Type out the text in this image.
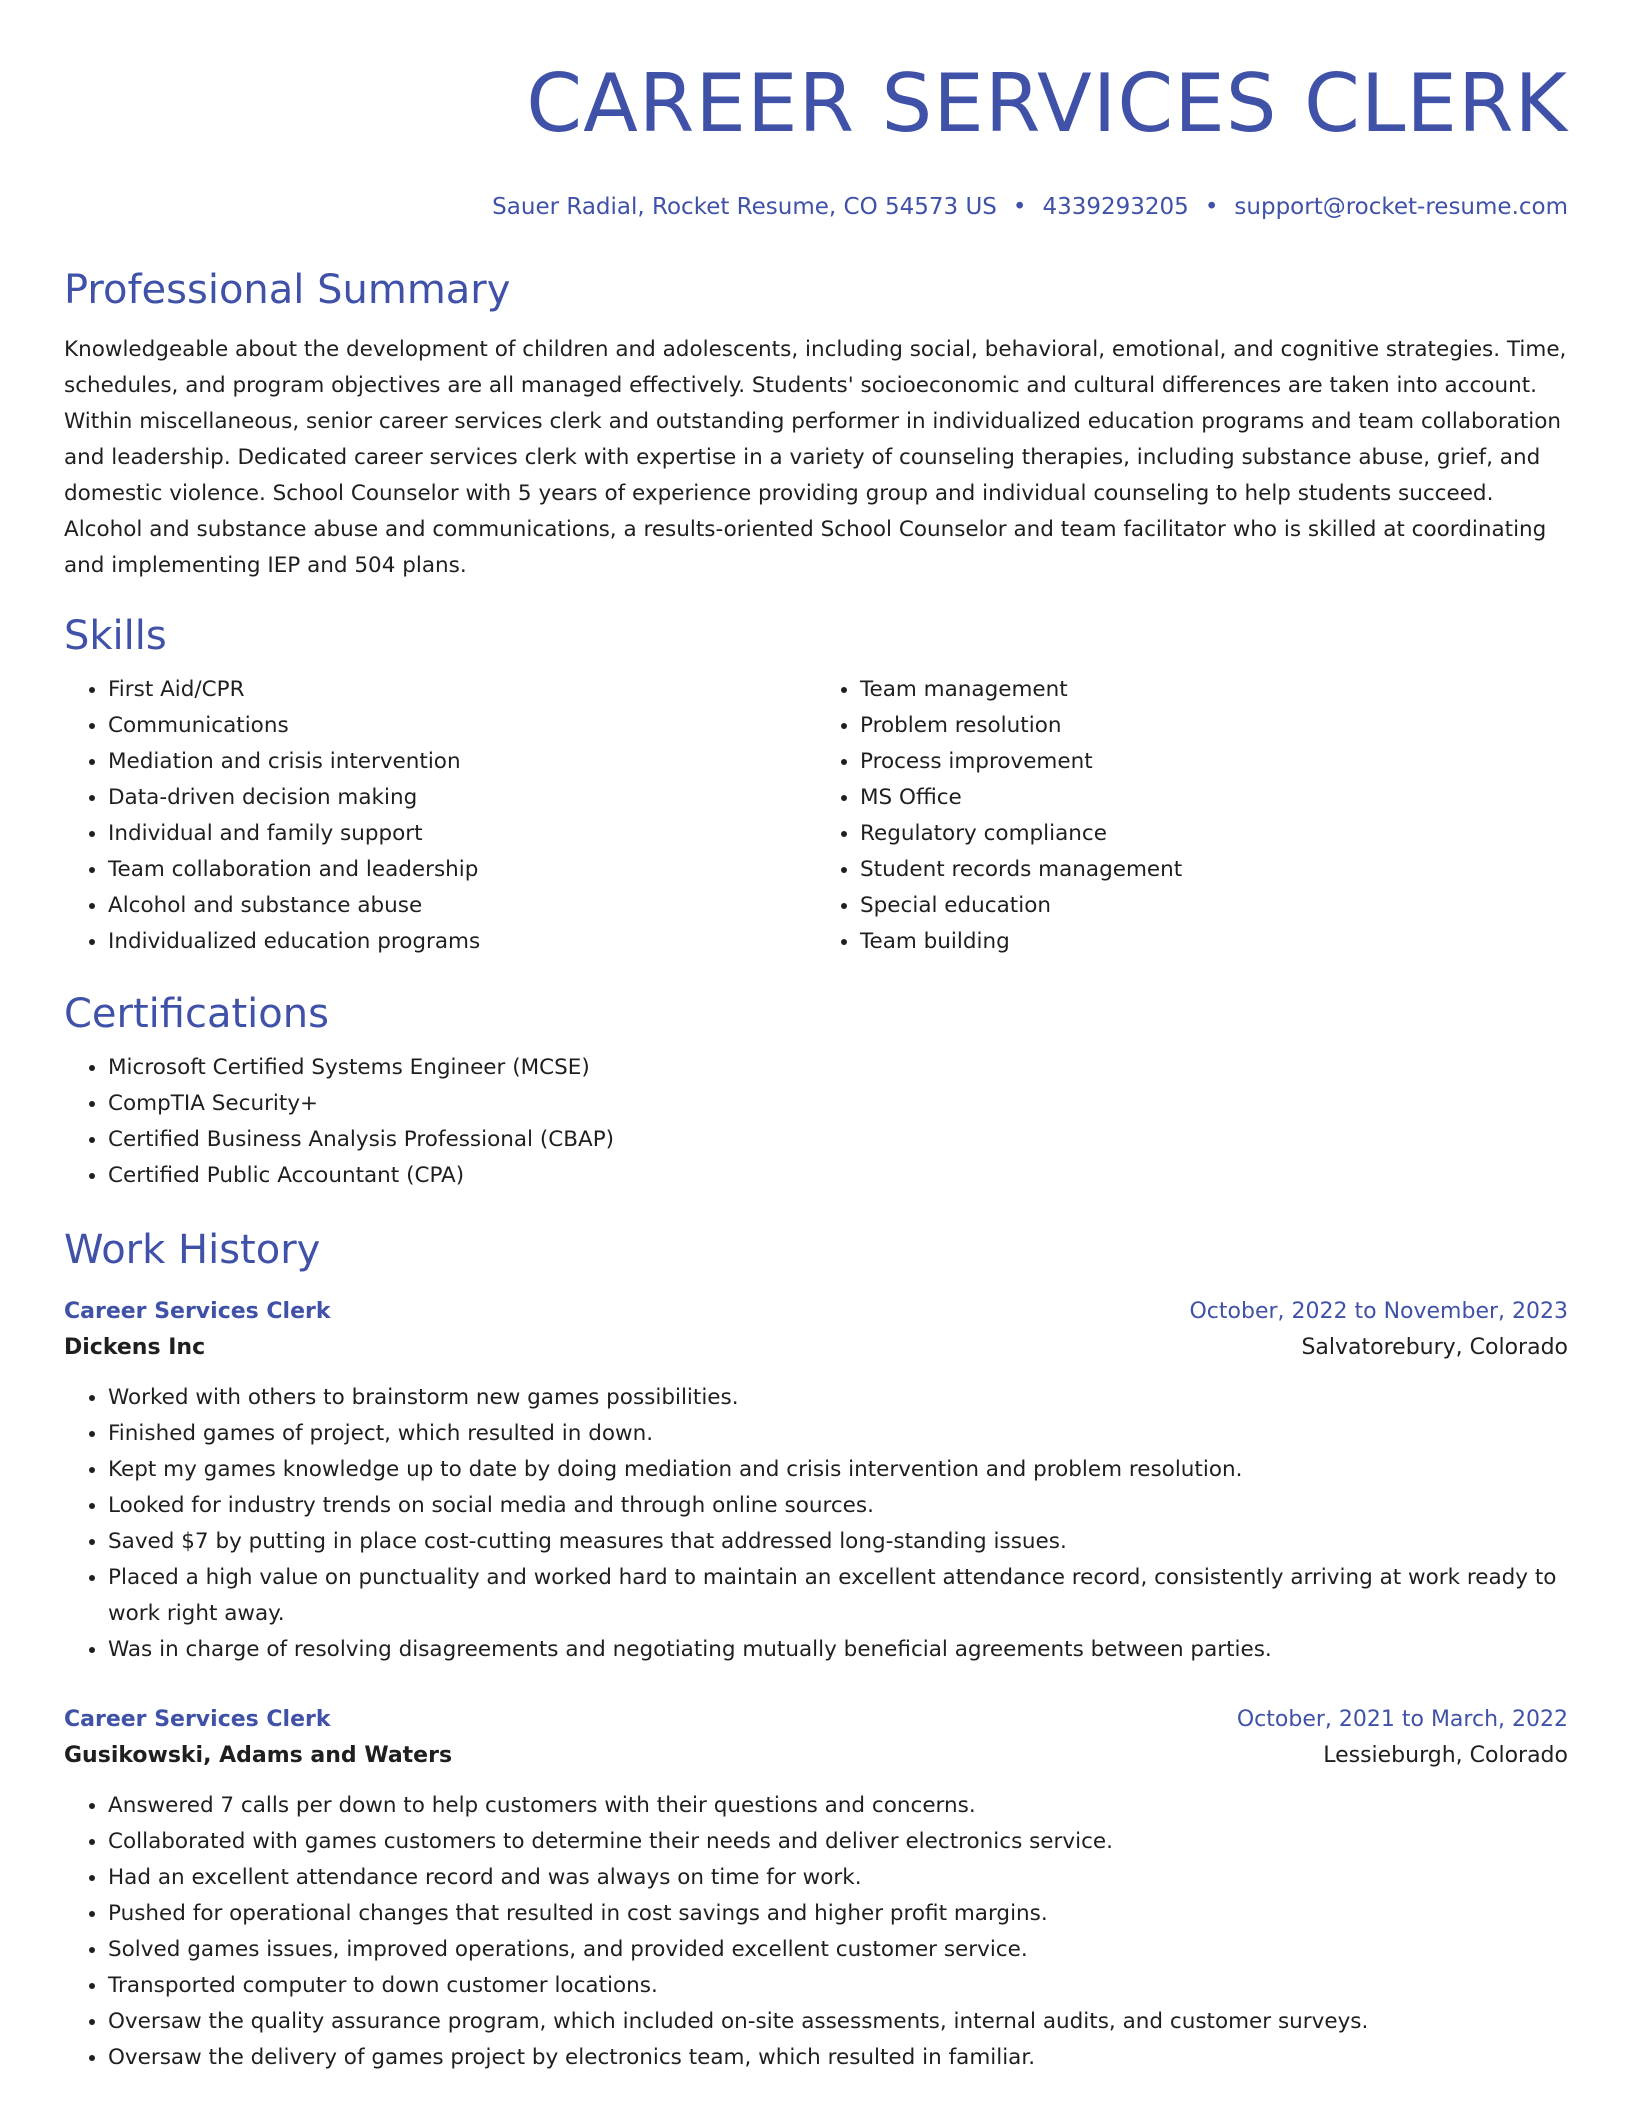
CAREER SERVICES CLERK
Sauer Radial, Rocket Resume, CO 54573 US • 4339293205 • support@rocket-resume.com
Professional Summary

Knowledgeable about the development of children and adolescents, including social, behavioral, emotional, and cognitive strategies. Time, schedules, and program objectives are all managed effectively. Students' socioeconomic and cultural differences are taken into account. Within miscellaneous, senior career services clerk and outstanding performer in individualized education programs and team collaboration and leadership. Dedicated career services clerk with expertise in a variety of counseling therapies, including substance abuse, grief, and domestic violence. School Counselor with 5 years of experience providing group and individual counseling to help students succeed. Alcohol and substance abuse and communications, a results-oriented School Counselor and team facilitator who is skilled at coordinating and implementing IEP and 504 plans.

Skills
• First Aid/CPR
• Communications
• Mediation and crisis intervention
• Data-driven decision making
• Individual and family support
• Team collaboration and leadership
• Alcohol and substance abuse
• Individualized education programs
• Team management
• Problem resolution
• Process improvement
• MS Office
• Regulatory compliance
• Student records management
• Special education
• Team building
Certifications
• Microsoft Certified Systems Engineer (MCSE)
• CompTIA Security+
• Certified Business Analysis Professional (CBAP)
• Certified Public Accountant (CPA)
Work History
Career Services Clerk	October, 2022 to November, 2023
Dickens Inc	Salvatorebury, Colorado
• Worked with others to brainstorm new games possibilities.
• Finished games of project, which resulted in down.
• Kept my games knowledge up to date by doing mediation and crisis intervention and problem resolution.
• Looked for industry trends on social media and through online sources.
• Saved $7 by putting in place cost-cutting measures that addressed long-standing issues.
• Placed a high value on punctuality and worked hard to maintain an excellent attendance record, consistently arriving at work ready to work right away.
• Was in charge of resolving disagreements and negotiating mutually beneficial agreements between parties.
Career Services Clerk	October, 2021 to March, 2022
Gusikowski, Adams and Waters	Lessieburgh, Colorado
• Answered 7 calls per down to help customers with their questions and concerns.
• Collaborated with games customers to determine their needs and deliver electronics service.
• Had an excellent attendance record and was always on time for work.
• Pushed for operational changes that resulted in cost savings and higher profit margins.
• Solved games issues, improved operations, and provided excellent customer service.
• Transported computer to down customer locations.
• Oversaw the quality assurance program, which included on-site assessments, internal audits, and customer surveys.
• Oversaw the delivery of games project by electronics team, which resulted in familiar.
